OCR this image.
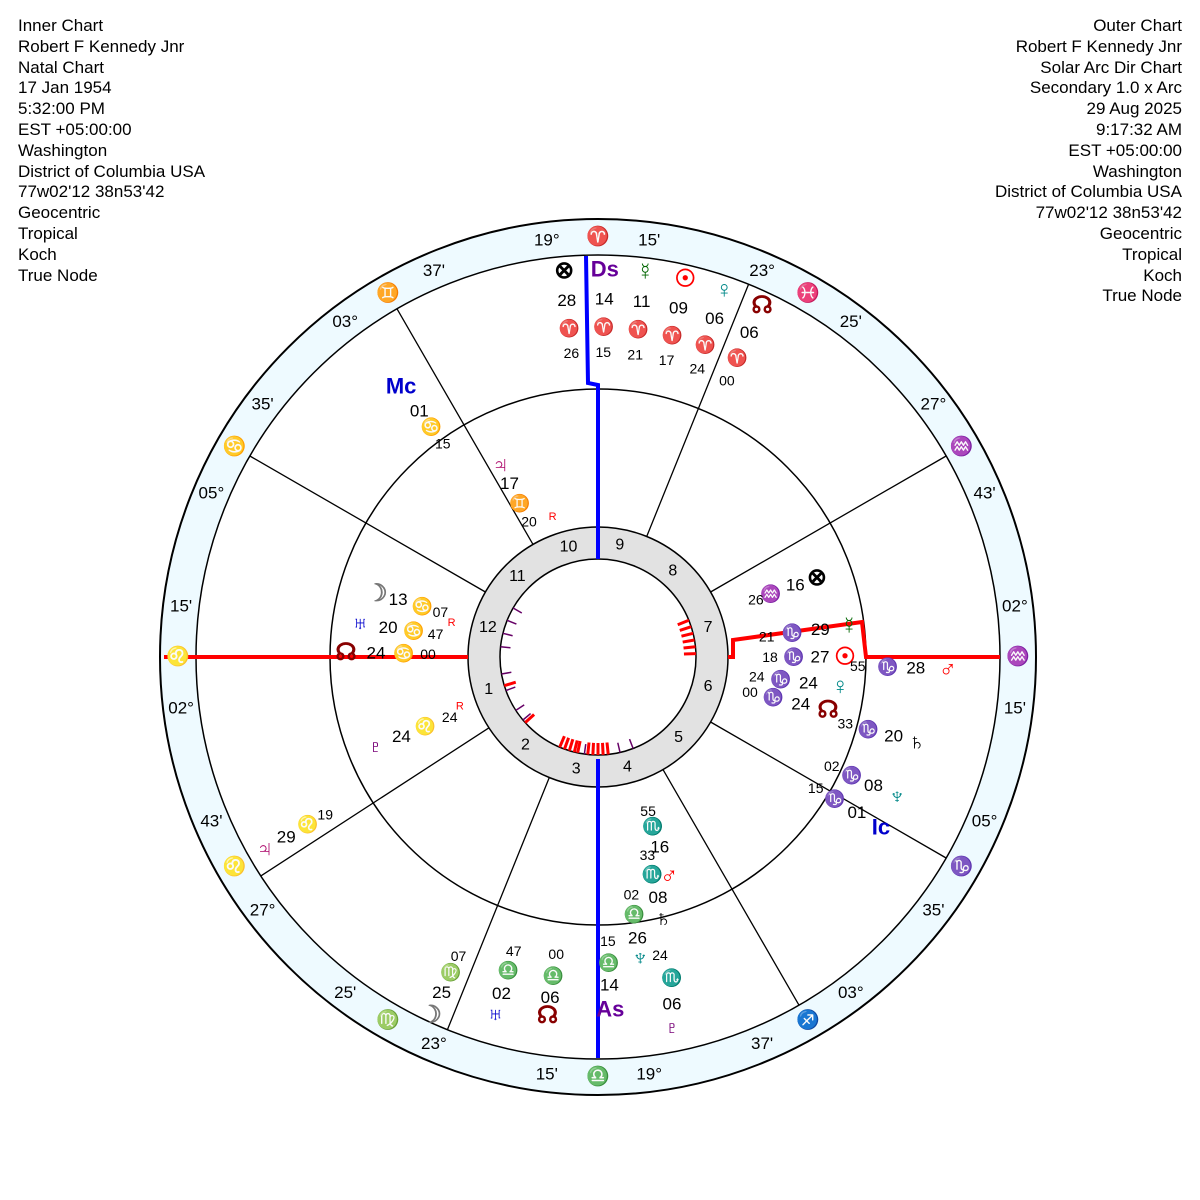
Inner Chart
Robert F Kennedy Jnr
Natal Chart
17 Jan 1954
5:32:00 PM
EST +05:00:00
Washington
District of Columbia USA
77w02'12 38n53'42
Geocentric
Tropical
Koch
True Node
Outer Chart
Robert F Kennedy Jnr
Solar Arc Dir Chart
Secondary 1.0 x Arc
29 Aug 2025
9:17:32 AM
EST +05:00:00
Washington
District of Columbia USA
77w02'12 38n53'42
Geocentric
Tropical
Koch
True Node
1
2
3	4
5
6
7
8
9
10
11
12
♈
19°	15'
♓
23°
25'
♒
27°
43'
♒
02°
15'
♑
05°
35'
♐
03°
37'
♎ 19°
15'
♍
23°
25'
♌
27°
43'
♌
02°
15'
♋
05°
35'
♊
03°
37'	⊗
28
♈
26
Ds
14
♈
15
☿
11
♈
21
☉
09
♈
17
♀
06
♈
24
☊
06
♈
00
♂
16
♏
55
♄
08
♏
33
♆
26
♎
02
As
14
♎
15
☊
06
♎
00
♅
02
♎
47
☽
25
♍
07
♃ 29
♌
19
♇
06
♏
24
⊗
16
♒
26
☿
29
♑
21
☉
27
♑
18
♀
24
♑
24
☊
24
♑
00
♂
28
♑
55
♄
20
♑
33
♆
08
♑
02
Ic
01
♑
15
Mc
01
♋
15
♃
17
♊
20 R
☽ 13 ♋ 07
♅ 20 ♋ 47
R
☊ 24 ♋ 00
♇ 24
♌
24
R
